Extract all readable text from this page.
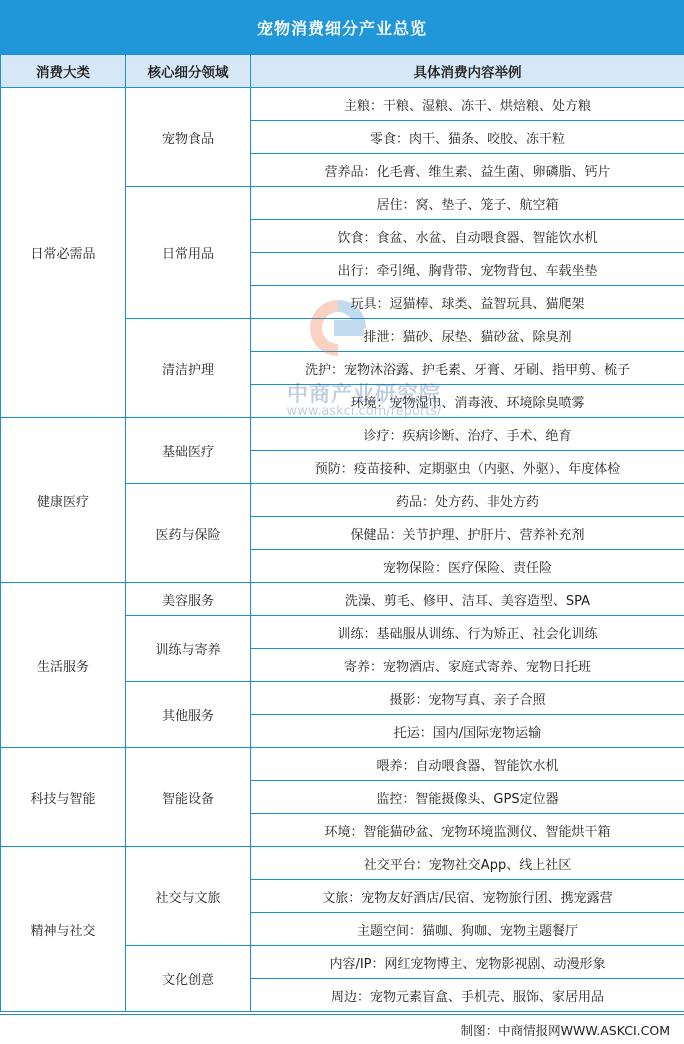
宠物消费细分产业总览
消费大类	核心细分领域	具体消费内容举例
日常必需品	宠物食品	主粮：干粮、湿粮、冻干、烘焙粮、处方粮
		零食：肉干、猫条、咬胶、冻干粒
		营养品：化毛膏、维生素、益生菌、卵磷脂、钙片
	日常用品	居住：窝、垫子、笼子、航空箱
		饮食：食盆、水盆、自动喂食器、智能饮水机
		出行：牵引绳、胸背带、宠物背包、车载坐垫
		玩具：逗猫棒、球类、益智玩具、猫爬架
	清洁护理	排泄：猫砂、尿垫、猫砂盆、除臭剂
		洗护：宠物沐浴露、护毛素、牙膏、牙刷、指甲剪、梳子
		环境：宠物湿巾、消毒液、环境除臭喷雾
健康医疗	基础医疗	诊疗：疾病诊断、治疗、手术、绝育
		预防：疫苗接种、定期驱虫（内驱、外驱）、年度体检
	医药与保险	药品：处方药、非处方药
		保健品：关节护理、护肝片、营养补充剂
		宠物保险：医疗保险、责任险
生活服务	美容服务	洗澡、剪毛、修甲、洁耳、美容造型、SPA
	训练与寄养	训练：基础服从训练、行为矫正、社会化训练
		寄养：宠物酒店、家庭式寄养、宠物日托班
	其他服务	摄影：宠物写真、亲子合照
		托运：国内/国际宠物运输
科技与智能	智能设备	喂养：自动喂食器、智能饮水机
		监控：智能摄像头、GPS定位器
		环境：智能猫砂盆、宠物环境监测仪、智能烘干箱
精神与社交	社交与文旅	社交平台：宠物社交App、线上社区
		文旅：宠物友好酒店/民宿、宠物旅行团、携宠露营
		主题空间：猫咖、狗咖、宠物主题餐厅
	文化创意	内容/IP：网红宠物博主、宠物影视剧、动漫形象
		周边：宠物元素盲盒、手机壳、服饰、家居用品
中商产业研究院
www.askci.com/reports/
制图：中商情报网WWW.ASKCI.COM
